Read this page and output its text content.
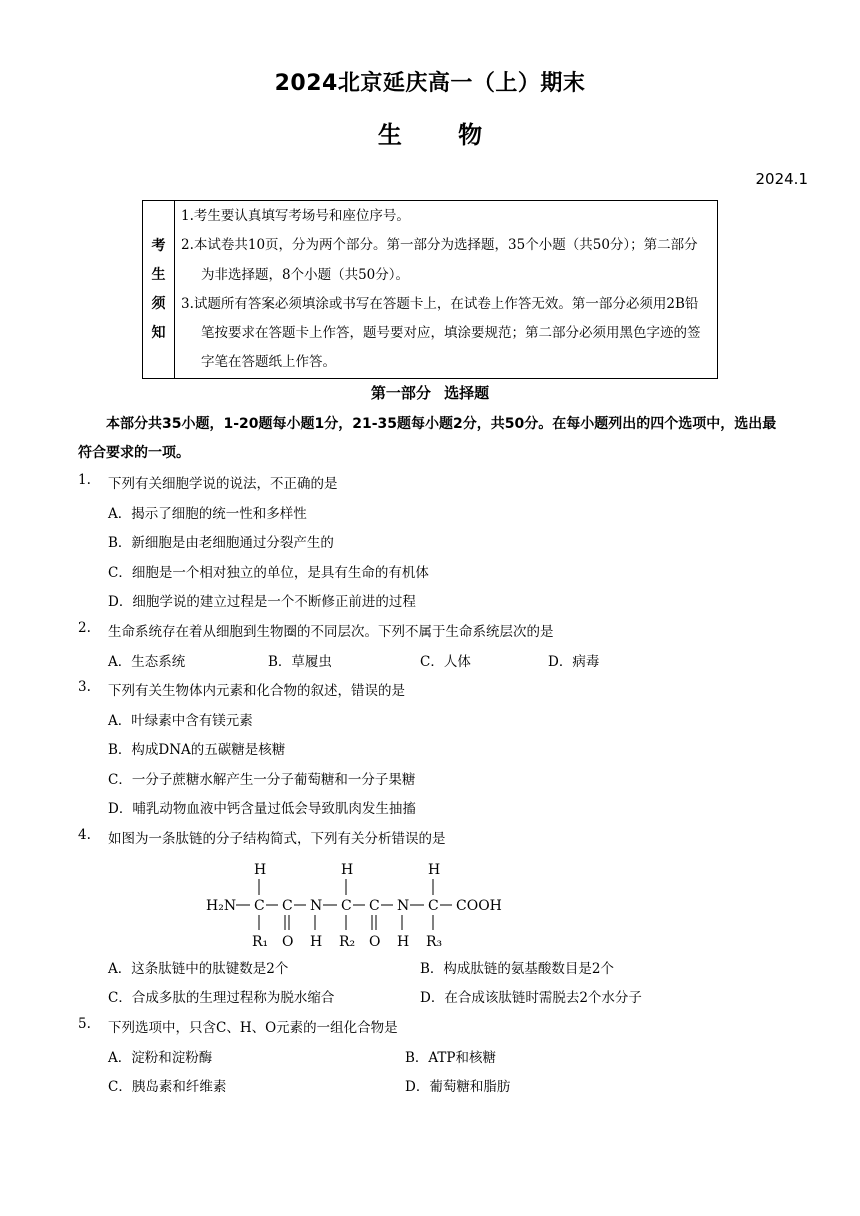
2024北京延庆高一（上）期末
生 物
2024.1
考
生
须
知
1.考生要认真填写考场号和座位序号。
2.本试卷共10页，分为两个部分。第一部分为选择题，35个小题（共50分）；第二部分为非选择题，8个小题（共50分）。
3.试题所有答案必须填涂或书写在答题卡上，在试卷上作答无效。第一部分必须用2B铅笔按要求在答题卡上作答，题号要对应，填涂要规范；第二部分必须用黑色字迹的签字笔在答题纸上作答。
第一部分 选择题
本部分共35小题，1-20题每小题1分，21-35题每小题2分，共50分。在每小题列出的四个选项中，选出最符合要求的一项。
1. 下列有关细胞学说的说法，不正确的是
A．揭示了细胞的统一性和多样性
B．新细胞是由老细胞通过分裂产生的
C．细胞是一个相对独立的单位，是具有生命的有机体
D．细胞学说的建立过程是一个不断修正前进的过程
2. 生命系统存在着从细胞到生物圈的不同层次。下列不属于生命系统层次的是
A．生态系统	B．草履虫	C．人体	D．病毒
3. 下列有关生物体内元素和化合物的叙述，错误的是
A．叶绿素中含有镁元素
B．构成DNA的五碳糖是核糖
C．一分子蔗糖水解产生一分子葡萄糖和一分子果糖
D．哺乳动物血液中钙含量过低会导致肌肉发生抽搐
4. 如图为一条肽链的分子结构简式，下列有关分析错误的是
H	H	H
H₂N C C N C C N C COOH
R₁ O H R₂ O H R₃
A．这条肽链中的肽键数是2个	B．构成肽链的氨基酸数目是2个
C．合成多肽的生理过程称为脱水缩合	D．在合成该肽链时需脱去2个水分子
5. 下列选项中，只含C、H、O元素的一组化合物是
A．淀粉和淀粉酶	B．ATP和核糖
C．胰岛素和纤维素	D．葡萄糖和脂肪
